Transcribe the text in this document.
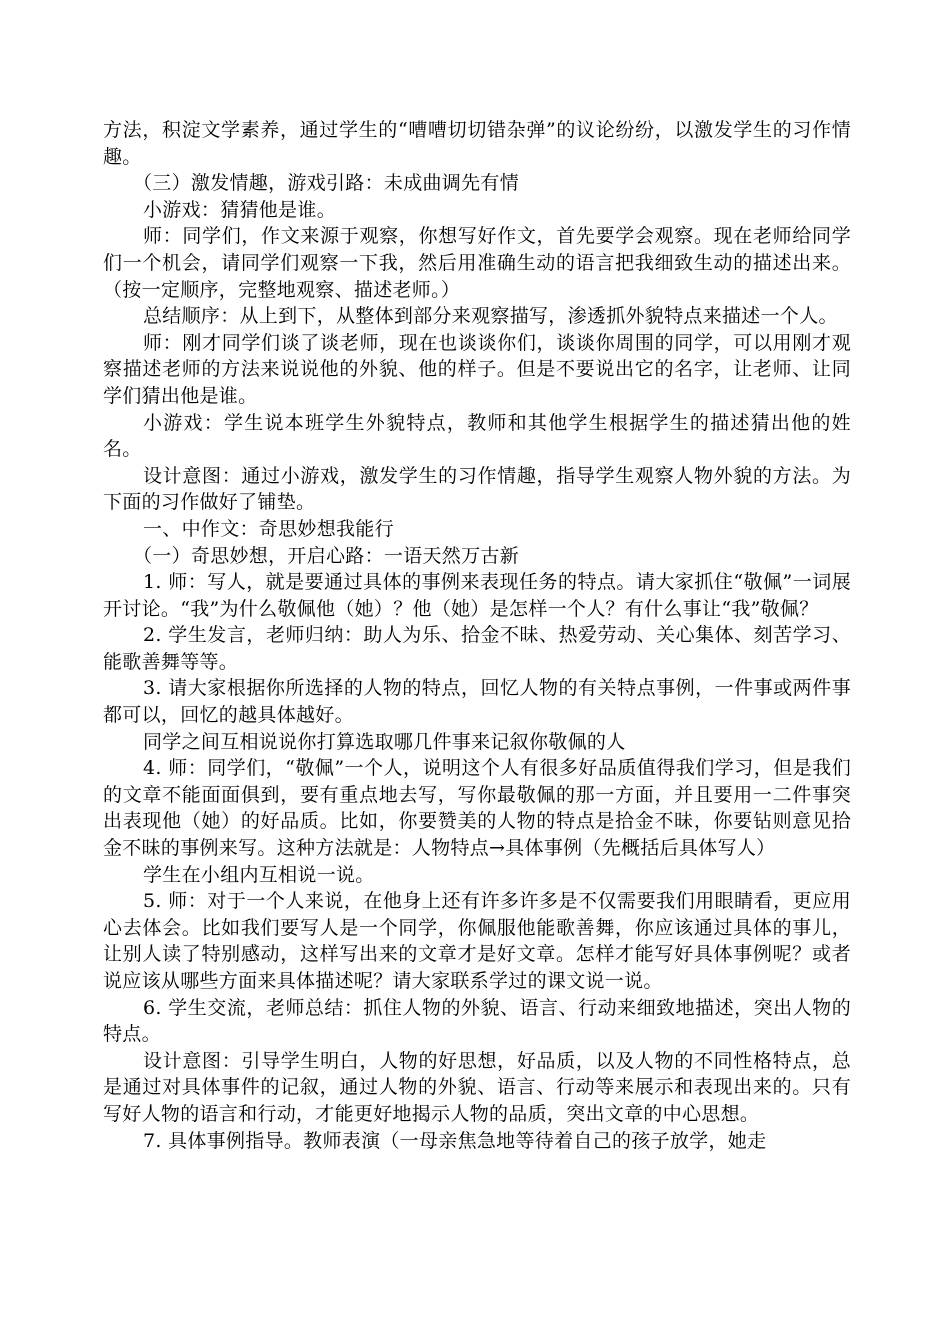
方法，积淀文学素养，通过学生的“嘈嘈切切错杂弹”的议论纷纷，以激发学生的习作情趣。

（三）激发情趣，游戏引路：未成曲调先有情

小游戏：猜猜他是谁。

师：同学们，作文来源于观察，你想写好作文，首先要学会观察。现在老师给同学们一个机会，请同学们观察一下我，然后用准确生动的语言把我细致生动的描述出来。（按一定顺序，完整地观察、描述老师。）

总结顺序：从上到下，从整体到部分来观察描写，渗透抓外貌特点来描述一个人。

师：刚才同学们谈了谈老师，现在也谈谈你们，谈谈你周围的同学，可以用刚才观察描述老师的方法来说说他的外貌、他的样子。但是不要说出它的名字，让老师、让同学们猜出他是谁。

小游戏：学生说本班学生外貌特点，教师和其他学生根据学生的描述猜出他的姓名。

设计意图：通过小游戏，激发学生的习作情趣，指导学生观察人物外貌的方法。为下面的习作做好了铺垫。

一、中作文：奇思妙想我能行

（一）奇思妙想，开启心路：一语天然万古新

1. 师：写人，就是要通过具体的事例来表现任务的特点。请大家抓住“敬佩”一词展开讨论。“我”为什么敬佩他（她）？他（她）是怎样一个人？有什么事让“我”敬佩？

2. 学生发言，老师归纳：助人为乐、拾金不昧、热爱劳动、关心集体、刻苦学习、能歌善舞等等。

3. 请大家根据你所选择的人物的特点，回忆人物的有关特点事例，一件事或两件事都可以，回忆的越具体越好。

同学之间互相说说你打算选取哪几件事来记叙你敬佩的人

4. 师：同学们，“敬佩”一个人，说明这个人有很多好品质值得我们学习，但是我们的文章不能面面俱到，要有重点地去写，写你最敬佩的那一方面，并且要用一二件事突出表现他（她）的好品质。比如，你要赞美的人物的特点是拾金不昧，你要钻则意见拾金不昧的事例来写。这种方法就是：人物特点→具体事例（先概括后具体写人）

学生在小组内互相说一说。

5. 师：对于一个人来说，在他身上还有许多许多是不仅需要我们用眼睛看，更应用心去体会。比如我们要写人是一个同学，你佩服他能歌善舞，你应该通过具体的事儿，让别人读了特别感动，这样写出来的文章才是好文章。怎样才能写好具体事例呢？或者说应该从哪些方面来具体描述呢？请大家联系学过的课文说一说。

6. 学生交流，老师总结：抓住人物的外貌、语言、行动来细致地描述，突出人物的特点。

设计意图：引导学生明白，人物的好思想，好品质，以及人物的不同性格特点，总是通过对具体事件的记叙，通过人物的外貌、语言、行动等来展示和表现出来的。只有写好人物的语言和行动，才能更好地揭示人物的品质，突出文章的中心思想。

7. 具体事例指导。教师表演（一母亲焦急地等待着自己的孩子放学，她走
